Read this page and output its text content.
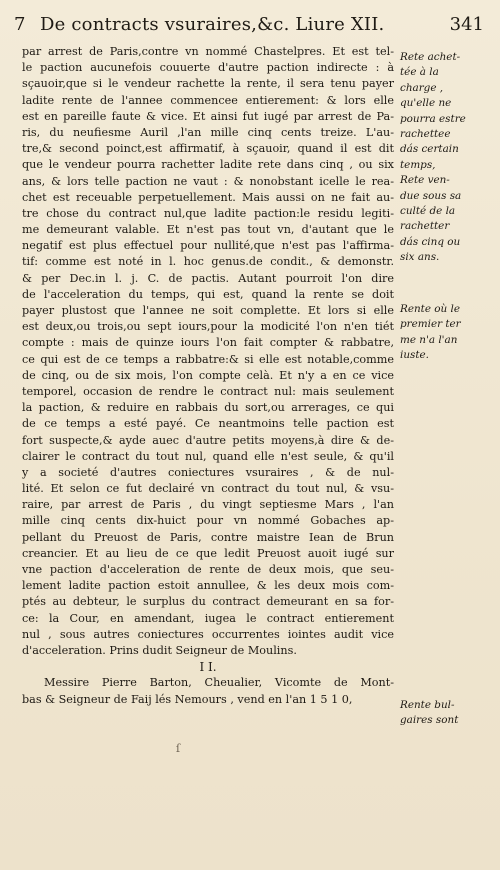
7 De contracts vsuraires,&c. Liure XII.	341
par arrest de Paris,contre vn nommé Chastelpres. Et est tel-
le paction aucunefois couuerte d'autre paction indirecte : à
sçauoir,que si le vendeur rachette la rente, il sera tenu payer
ladite rente de l'annee commencee entierement: & lors elle
est en pareille faute & vice. Et ainsi fut iugé par arrest de Pa-
ris, du neufiesme Auril ,l'an mille cinq cents treize. L'au-
tre,& second poinct,est affirmatif, à sçauoir, quand il est dit
que le vendeur pourra rachetter ladite rete dans cinq , ou six
ans, & lors telle paction ne vaut : & nonobstant icelle le rea-
chet est receuable perpetuellement. Mais aussi on ne fait au-
tre chose du contract nul,que ladite paction:le residu legiti-
me demeurant valable. Et n'est pas tout vn, d'autant que le
negatif est plus effectuel pour nullité,que n'est pas l'affirma-
tif: comme est noté in l. hoc genus.de condit., & demonstr.
& per Dec.in l. j. C. de pactis. Autant pourroit l'on dire
de l'acceleration du temps, qui est, quand la rente se doit
payer plustost que l'annee ne soit complette. Et lors si elle
est deux,ou trois,ou sept iours,pour la modicité l'on n'en tiét
compte : mais de quinze iours l'on fait compter & rabbatre,
ce qui est de ce temps a rabbatre:& si elle est notable,comme
de cinq, ou de six mois, l'on compte celà. Et n'y a en ce vice
temporel, occasion de rendre le contract nul: mais seulement
la paction, & reduire en rabbais du sort,ou arrerages, ce qui
de ce temps a esté payé. Ce neantmoins telle paction est
fort suspecte,& ayde auec d'autre petits moyens,à dire & de-
clairer le contract du tout nul, quand elle n'est seule, & qu'il
y a societé d'autres coniectures vsuraires , & de nul-
lité. Et selon ce fut declairé vn contract du tout nul, & vsu-
raire, par arrest de Paris , du vingt septiesme Mars , l'an
mille cinq cents dix-huict pour vn nommé Gobaches ap-
pellant du Preuost de Paris, contre maistre Iean de Brun
creancier. Et au lieu de ce que ledit Preuost auoit iugé sur
vne paction d'acceleration de rente de deux mois, que seu-
lement ladite paction estoit annullee, & les deux mois com-
ptés au debteur, le surplus du contract demeurant en sa for-
ce: la Cour, en amendant, iugea le contract entierement
nul , sous autres coniectures occurrentes iointes audit vice
d'acceleration. Prins dudit Seigneur de Moulins.
I I.
Messire Pierre Barton, Cheualier, Vicomte de Mont-
bas & Seigneur de Faij lés Nemours , vend en l'an 1 5 1 0,
Rete achet-
tée à la
charge ,
qu'elle ne
pourra estre
rachettee
dás certain
temps,
Rete ven-
due sous sa
culté de la
rachetter
dás cinq ou
six ans.
Rente où le
premier ter
me n'a l'an
iuste.
Rente bul-
gaires sont
ſ
